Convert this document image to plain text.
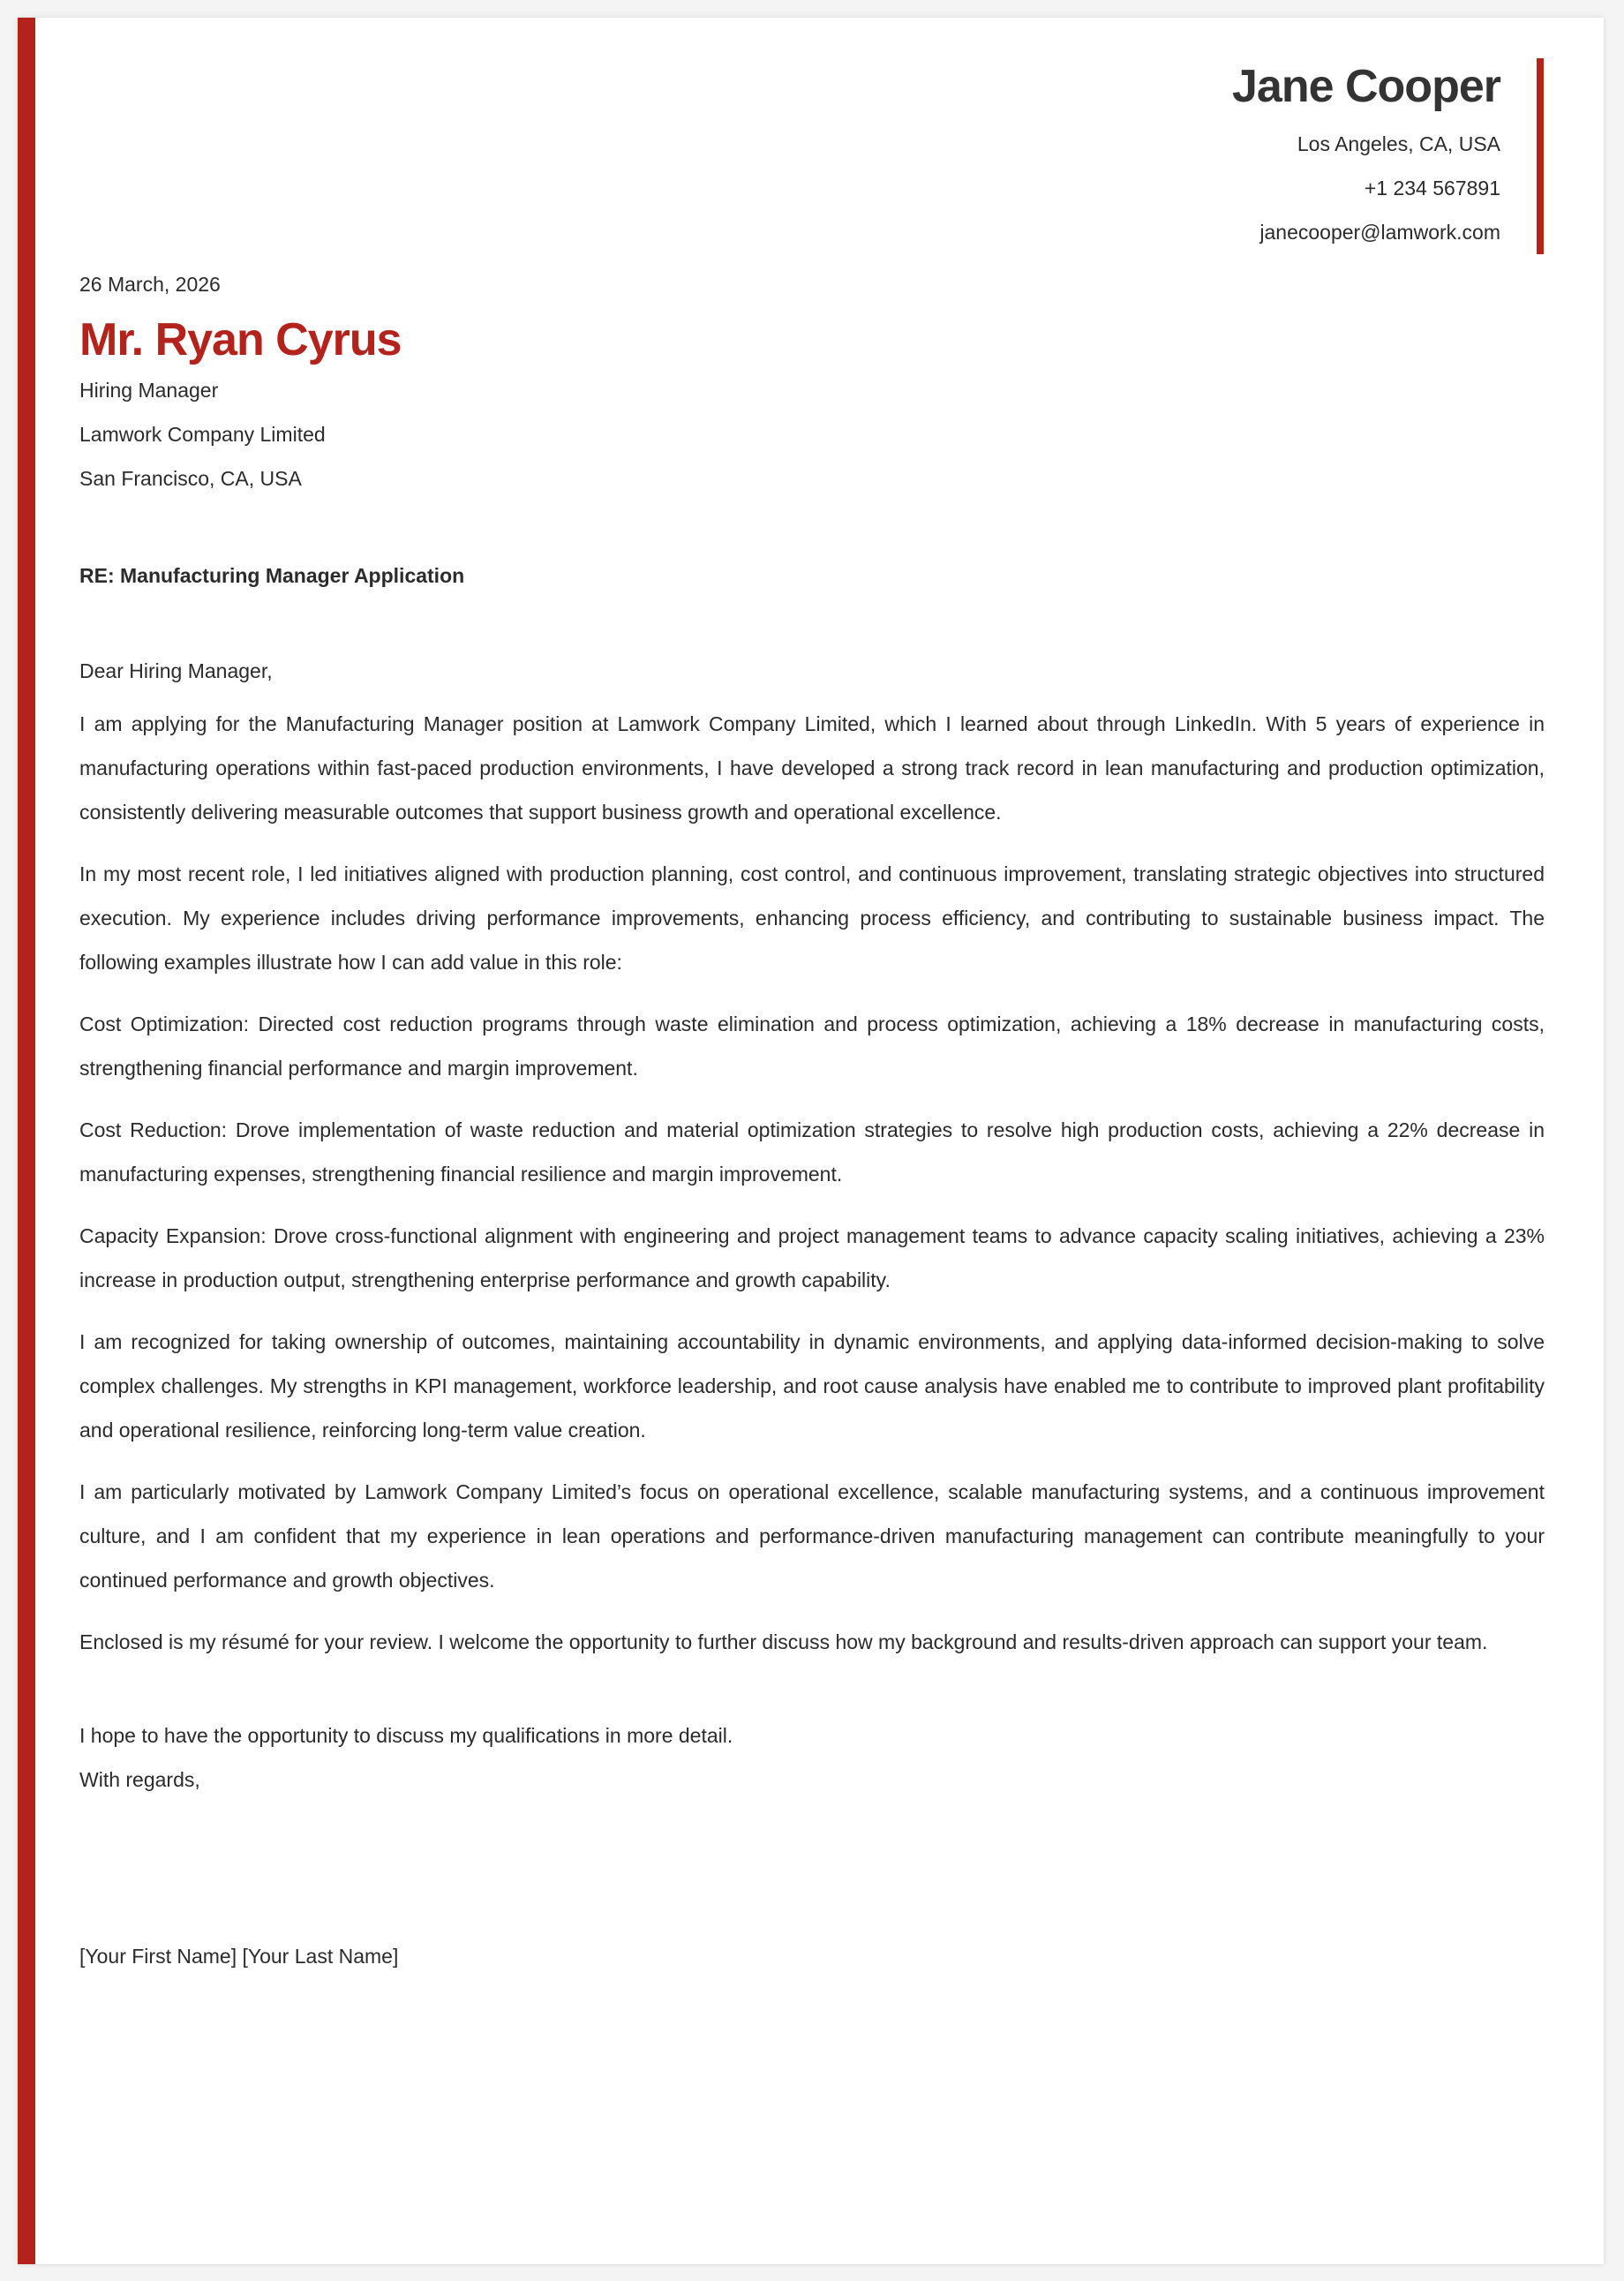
Jane Cooper
Los Angeles, CA, USA
+1 234 567891
janecooper@lamwork.com
26 March, 2026
Mr. Ryan Cyrus
Hiring Manager
Lamwork Company Limited
San Francisco, CA, USA
RE: Manufacturing Manager Application
Dear Hiring Manager,

I am applying for the Manufacturing Manager position at Lamwork Company Limited, which I learned about through LinkedIn. With 5 years of experience in manufacturing operations within fast-paced production environments, I have developed a strong track record in lean manufacturing and production optimization, consistently delivering measurable outcomes that support business growth and operational excellence.

In my most recent role, I led initiatives aligned with production planning, cost control, and continuous improvement, translating strategic objectives into structured execution. My experience includes driving performance improvements, enhancing process efficiency, and contributing to sustainable business impact. The following examples illustrate how I can add value in this role:

Cost Optimization: Directed cost reduction programs through waste elimination and process optimization, achieving a 18% decrease in manufacturing costs, strengthening financial performance and margin improvement.

Cost Reduction: Drove implementation of waste reduction and material optimization strategies to resolve high production costs, achieving a 22% decrease in manufacturing expenses, strengthening financial resilience and margin improvement.

Capacity Expansion: Drove cross-functional alignment with engineering and project management teams to advance capacity scaling initiatives, achieving a 23% increase in production output, strengthening enterprise performance and growth capability.

I am recognized for taking ownership of outcomes, maintaining accountability in dynamic environments, and applying data-informed decision-making to solve complex challenges. My strengths in KPI management, workforce leadership, and root cause analysis have enabled me to contribute to improved plant profitability and operational resilience, reinforcing long-term value creation.

I am particularly motivated by Lamwork Company Limited’s focus on operational excellence, scalable manufacturing systems, and a continuous improvement culture, and I am confident that my experience in lean operations and performance-driven manufacturing management can contribute meaningfully to your continued performance and growth objectives.

Enclosed is my résumé for your review. I welcome the opportunity to further discuss how my background and results-driven approach can support your team.

I hope to have the opportunity to discuss my qualifications in more detail.
With regards,
[Your First Name] [Your Last Name]
